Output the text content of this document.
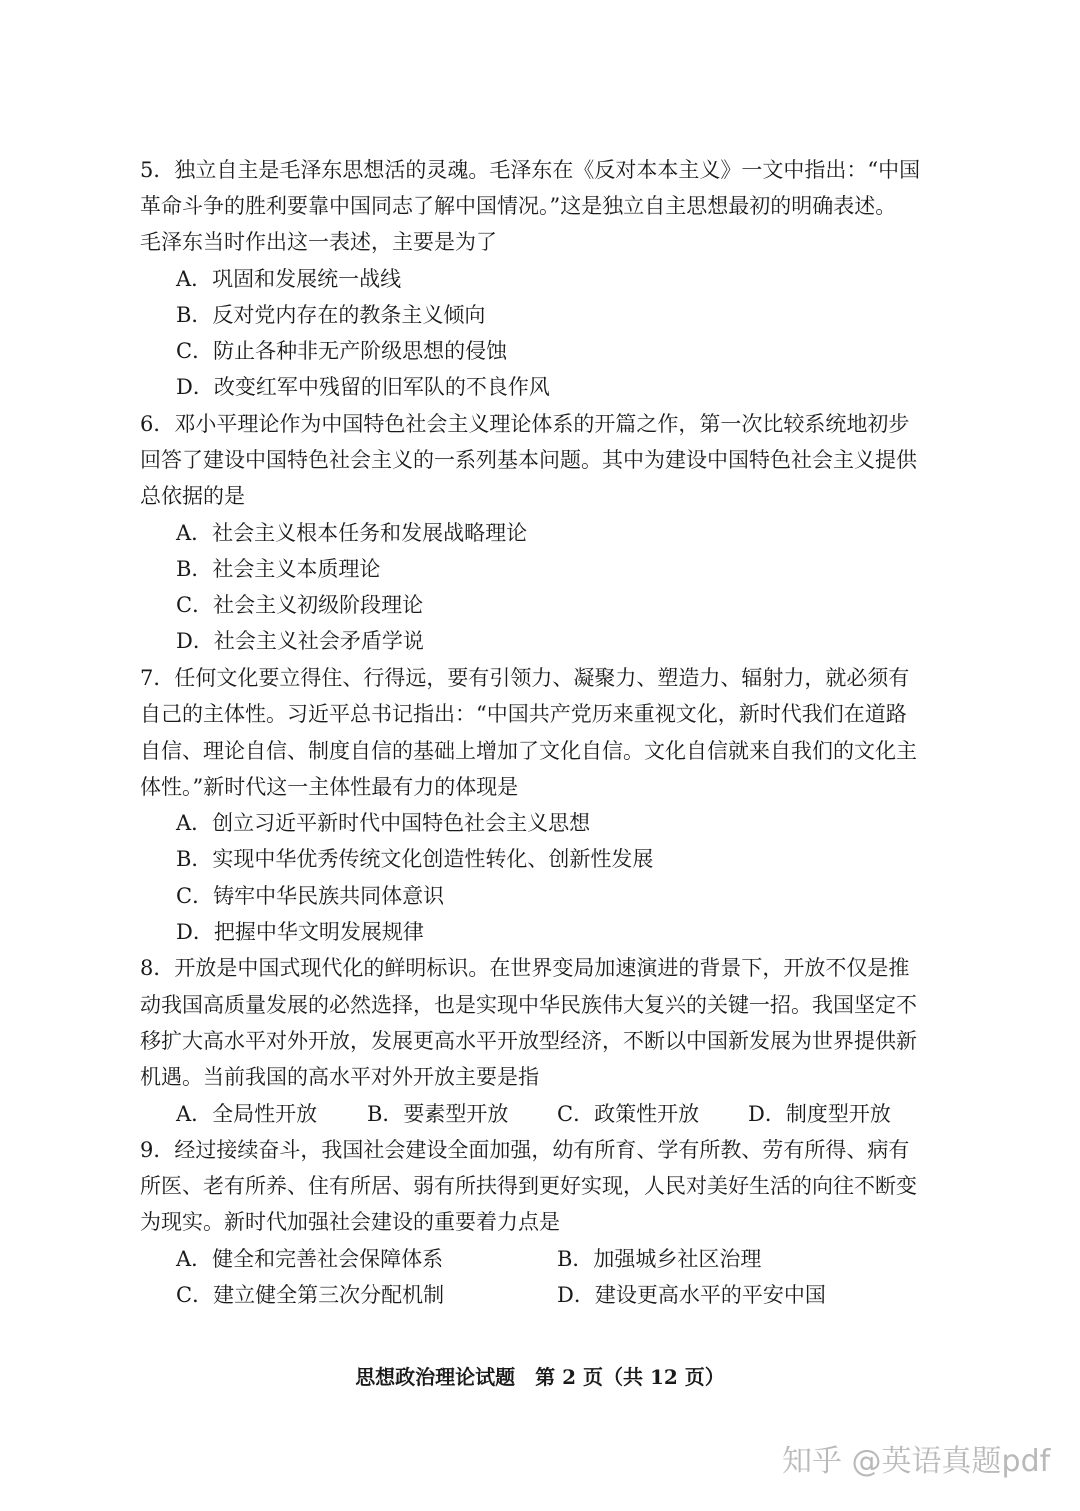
5．独立自主是毛泽东思想活的灵魂。毛泽东在《反对本本主义》一文中指出：“中国
革命斗争的胜利要靠中国同志了解中国情况。”这是独立自主思想最初的明确表述。
毛泽东当时作出这一表述，主要是为了
A．巩固和发展统一战线
B．反对党内存在的教条主义倾向
C．防止各种非无产阶级思想的侵蚀
D．改变红军中残留的旧军队的不良作风
6．邓小平理论作为中国特色社会主义理论体系的开篇之作，第一次比较系统地初步
回答了建设中国特色社会主义的一系列基本问题。其中为建设中国特色社会主义提供
总依据的是
A．社会主义根本任务和发展战略理论
B．社会主义本质理论
C．社会主义初级阶段理论
D．社会主义社会矛盾学说
7．任何文化要立得住、行得远，要有引领力、凝聚力、塑造力、辐射力，就必须有
自己的主体性。习近平总书记指出：“中国共产党历来重视文化，新时代我们在道路
自信、理论自信、制度自信的基础上增加了文化自信。文化自信就来自我们的文化主
体性。”新时代这一主体性最有力的体现是
A．创立习近平新时代中国特色社会主义思想
B．实现中华优秀传统文化创造性转化、创新性发展
C．铸牢中华民族共同体意识
D．把握中华文明发展规律
8．开放是中国式现代化的鲜明标识。在世界变局加速演进的背景下，开放不仅是推
动我国高质量发展的必然选择，也是实现中华民族伟大复兴的关键一招。我国坚定不
移扩大高水平对外开放，发展更高水平开放型经济，不断以中国新发展为世界提供新
机遇。当前我国的高水平对外开放主要是指
A．全局性开放	B．要素型开放	C．政策性开放	D．制度型开放
9．经过接续奋斗，我国社会建设全面加强，幼有所育、学有所教、劳有所得、病有
所医、老有所养、住有所居、弱有所扶得到更好实现，人民对美好生活的向往不断变
为现实。新时代加强社会建设的重要着力点是
A．健全和完善社会保障体系	B．加强城乡社区治理
C．建立健全第三次分配机制	D．建设更高水平的平安中国
思想政治理论试题　第 2 页（共 12 页）
知乎 @英语真题pdf
